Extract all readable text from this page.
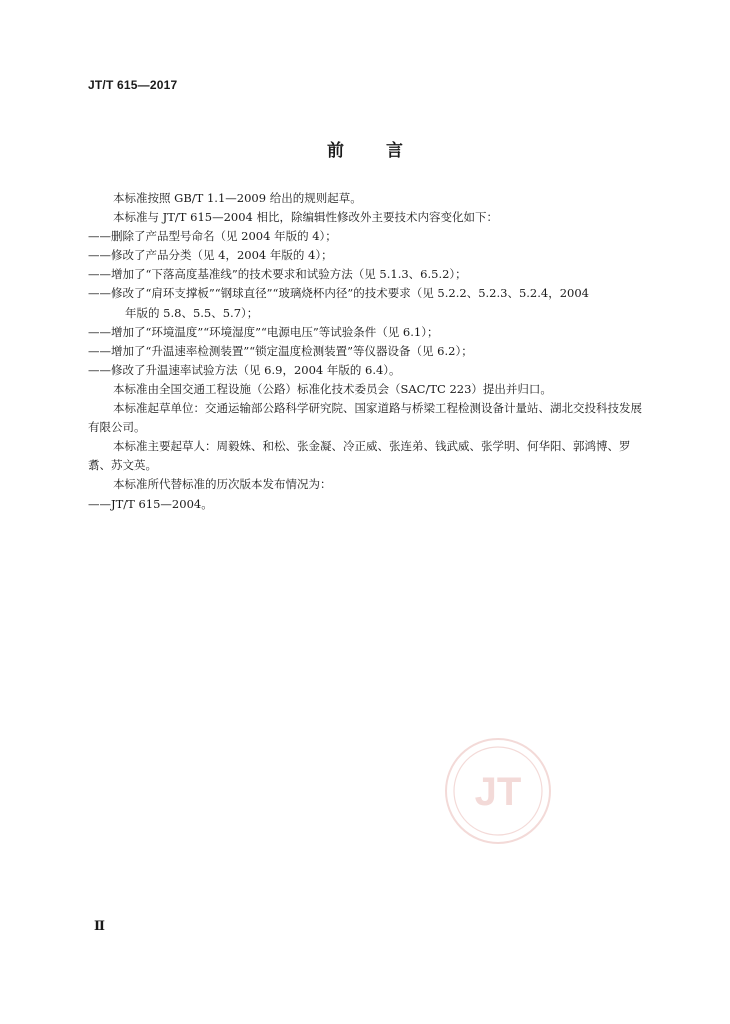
JT/T 615—2017
前言

本标准按照 GB/T 1.1—2009 给出的规则起草。

本标准与 JT/T 615—2004 相比，除编辑性修改外主要技术内容变化如下：

——删除了产品型号命名（见 2004 年版的 4）；

——修改了产品分类（见 4，2004 年版的 4）；

——增加了“下落高度基准线”的技术要求和试验方法（见 5.1.3、6.5.2）；

——修改了“肩环支撑板”“钢球直径”“玻璃烧杯内径”的技术要求（见 5.2.2、5.2.3、5.2.4，2004

年版的 5.8、5.5、5.7）；

——增加了“环境温度”“环境湿度”“电源电压”等试验条件（见 6.1）；

——增加了“升温速率检测装置”“锁定温度检测装置”等仪器设备（见 6.2）；

——修改了升温速率试验方法（见 6.9，2004 年版的 6.4）。

本标准由全国交通工程设施（公路）标准化技术委员会（SAC/TC 223）提出并归口。

本标准起草单位：交通运输部公路科学研究院、国家道路与桥梁工程检测设备计量站、湖北交投科技发展有限公司。

本标准主要起草人：周毅姝、和松、张金凝、冷正威、张连弟、钱武威、张学明、何华阳、郭鸿博、罗翥、苏文英。

本标准所代替标准的历次版本发布情况为：

——JT/T 615—2004。

JT
Ⅱ
